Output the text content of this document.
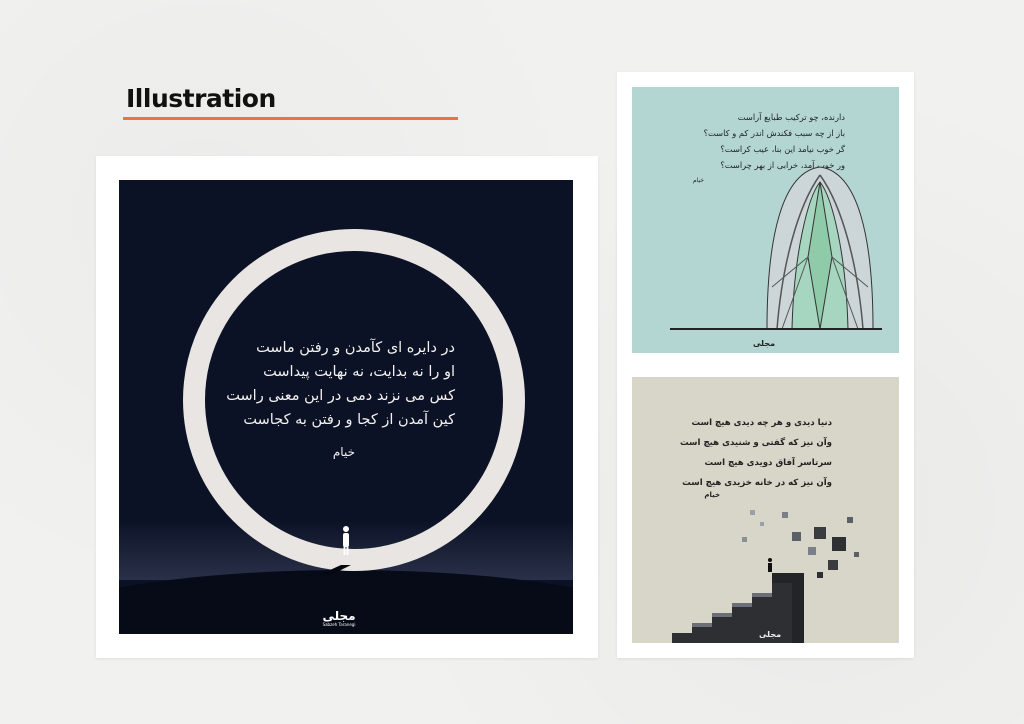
Illustration
در دایره ای کآمدن و رفتن ماست
او را نه بدایت، نه نهایت پیداست
کس می نزند دمی در این معنی راست
کین آمدن از کجا و رفتن به کجاست
خیام
مجلی
Sabzeh Taranegi
دارنده، چو ترکیب طبایع آراست
باز از چه سبب فکندش اندر کم و کاست؟
گر خوب نیامد این بنا، عیب کراست؟
ور خوب آمد، خرابی از بهر چراست؟
خیام
مجلی
دنیا دیدی و هر چه دیدی هیچ است
وآن نیز که گفتی و شنیدی هیچ است
سرتاسر آفاق دویدی هیچ است
وآن نیز که در خانه خزیدی هیچ است
خیام
مجلی
